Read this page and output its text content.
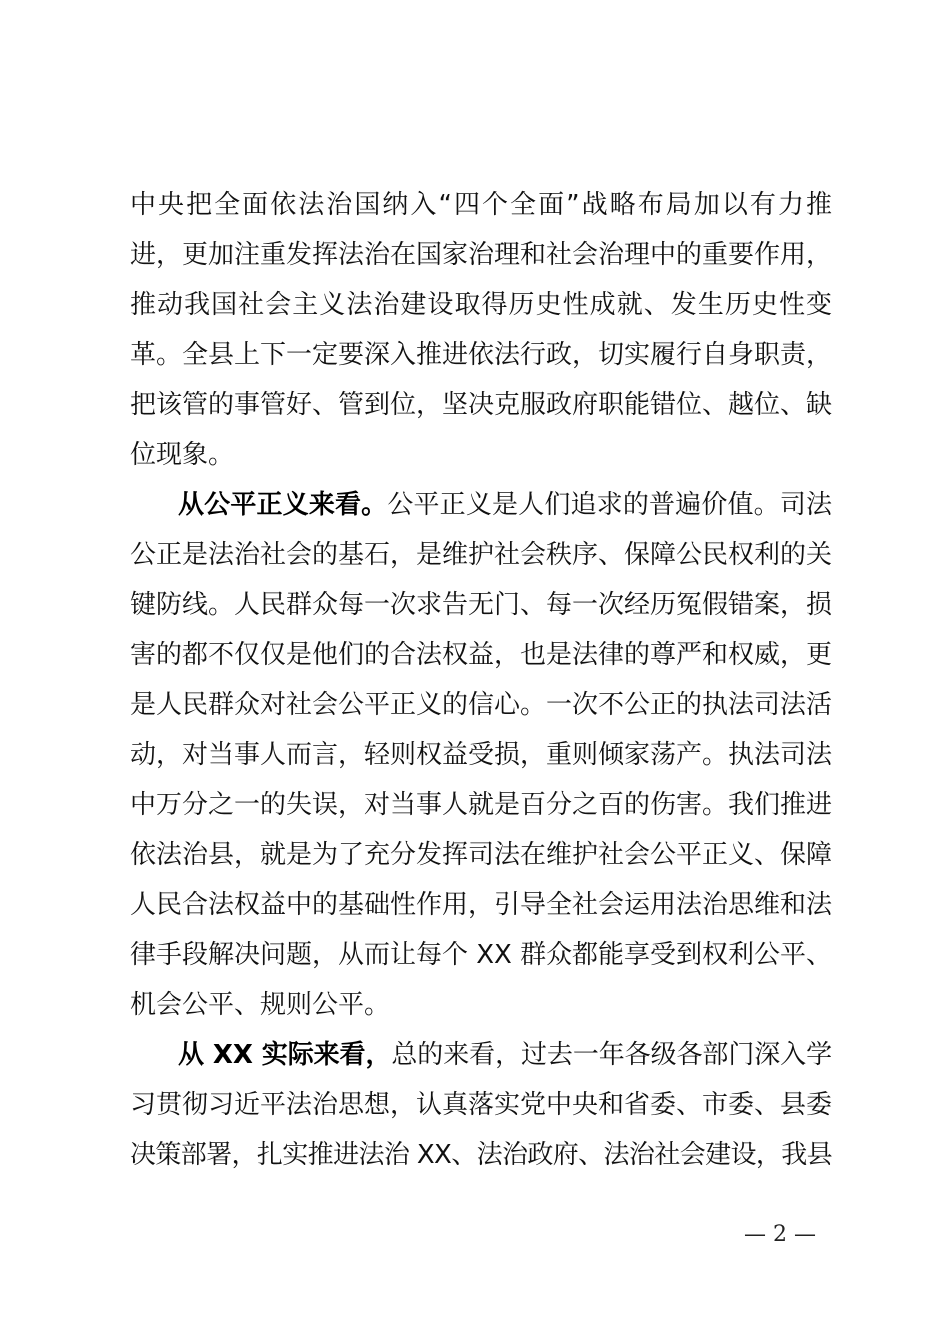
中央把全面依法治国纳入“四个全面”战略布局加以有力推
进，更加注重发挥法治在国家治理和社会治理中的重要作用，
推动我国社会主义法治建设取得历史性成就、发生历史性变
革。全县上下一定要深入推进依法行政，切实履行自身职责，
把该管的事管好、管到位，坚决克服政府职能错位、越位、缺
位现象。
从公平正义来看。公平正义是人们追求的普遍价值。司法
公正是法治社会的基石，是维护社会秩序、保障公民权利的关
键防线。人民群众每一次求告无门、每一次经历冤假错案，损
害的都不仅仅是他们的合法权益，也是法律的尊严和权威，更
是人民群众对社会公平正义的信心。一次不公正的执法司法活
动，对当事人而言，轻则权益受损，重则倾家荡产。执法司法
中万分之一的失误，对当事人就是百分之百的伤害。我们推进
依法治县，就是为了充分发挥司法在维护社会公平正义、保障
人民合法权益中的基础性作用，引导全社会运用法治思维和法
律手段解决问题，从而让每个 XX 群众都能享受到权利公平、
机会公平、规则公平。
从 XX 实际来看，总的来看，过去一年各级各部门深入学
习贯彻习近平法治思想，认真落实党中央和省委、市委、县委
决策部署，扎实推进法治 XX、法治政府、法治社会建设，我县
— 2 —
